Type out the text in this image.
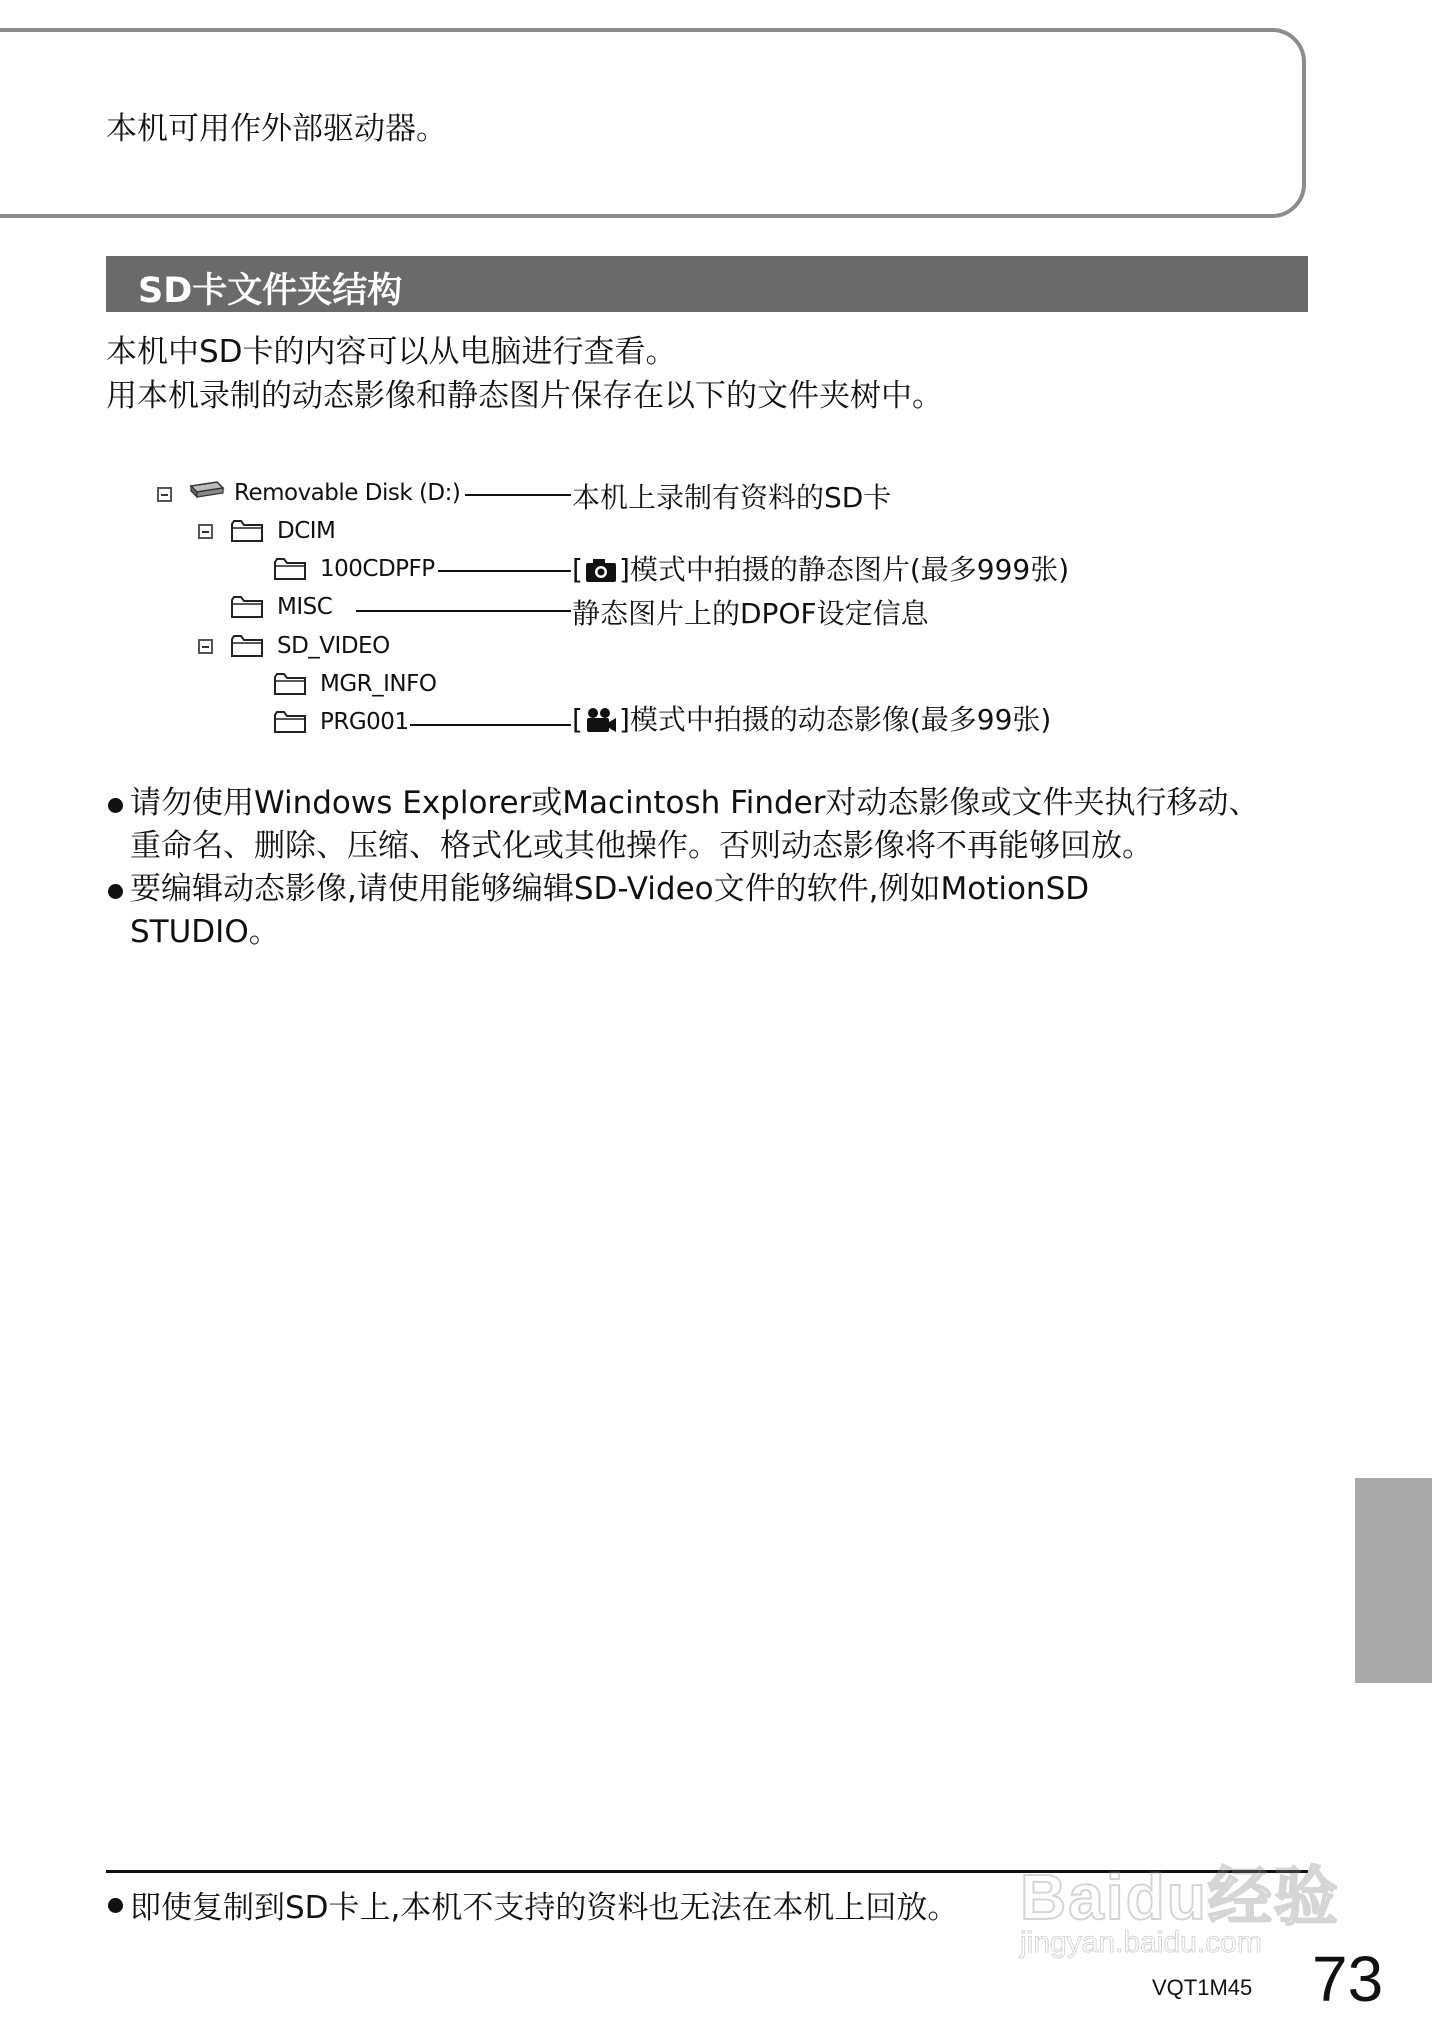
本机可用作外部驱动器。
SD卡文件夹结构
本机中SD卡的内容可以从电脑进行查看。
用本机录制的动态影像和静态图片保存在以下的文件夹树中。
Removable Disk (D:)
DCIM
100CDPFP
MISC
SD_VIDEO
MGR_INFO
PRG001
本机上录制有资料的SD卡
[ ]模式中拍摄的静态图片(最多999张)
静态图片上的DPOF设定信息
[ ]模式中拍摄的动态影像(最多99张)
请勿使用Windows Explorer或Macintosh Finder对动态影像或文件夹执行移动、
重命名、删除、压缩、格式化或其他操作。否则动态影像将不再能够回放。
要编辑动态影像,请使用能够编辑SD-Video文件的软件,例如MotionSD
STUDIO。
即使复制到SD卡上,本机不支持的资料也无法在本机上回放。 Baidu经验
jingyan.baidu.com
VQT1M45 73
